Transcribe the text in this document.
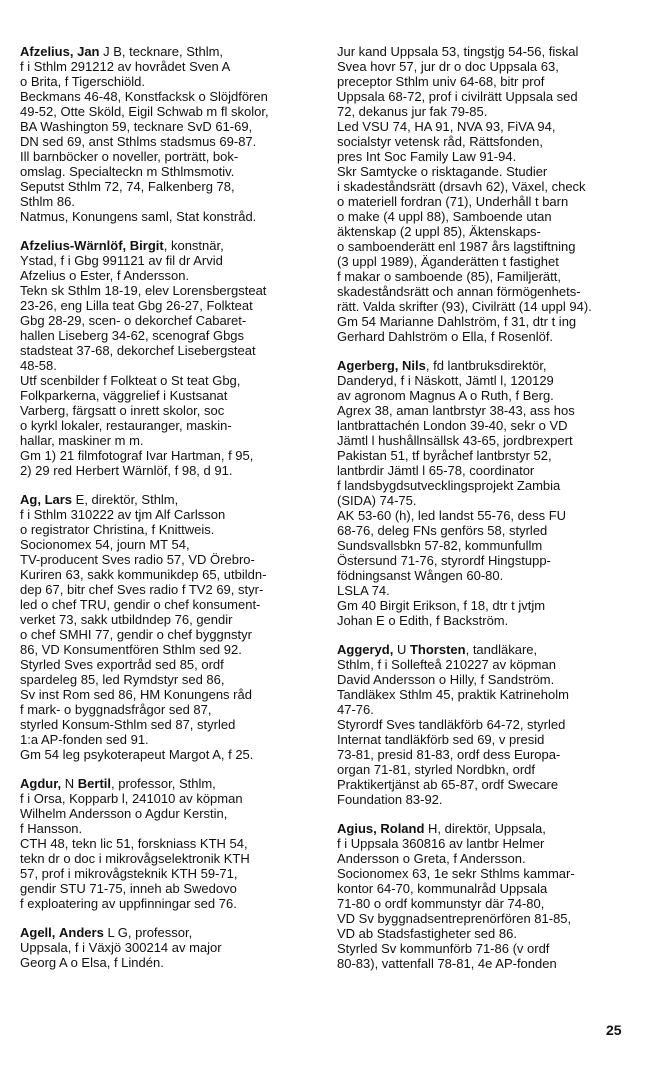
Afzelius, Jan J B, tecknare, Sthlm,
f i Sthlm 291212 av hovrådet Sven A
o Brita, f Tigerschiöld.
Beckmans 46-48, Konstfacksk o Slöjdfören
49-52, Otte Sköld, Eigil Schwab m fl skolor,
BA Washington 59, tecknare SvD 61-69,
DN sed 69, anst Sthlms stadsmus 69-87.
Ill barnböcker o noveller, porträtt, bok-
omslag. Specialteckn m Sthlmsmotiv.
Seputst Sthlm 72, 74, Falkenberg 78,
Sthlm 86.
Natmus, Konungens saml, Stat konstråd.
Afzelius-Wärnlöf, Birgit, konstnär,
Ystad, f i Gbg 991121 av fil dr Arvid
Afzelius o Ester, f Andersson.
Tekn sk Sthlm 18-19, elev Lorensbergsteat
23-26, eng Lilla teat Gbg 26-27, Folkteat
Gbg 28-29, scen- o dekorchef Cabaret-
hallen Liseberg 34-62, scenograf Gbgs
stadsteat 37-68, dekorchef Lisebergsteat
48-58.
Utf scenbilder f Folkteat o St teat Gbg,
Folkparkerna, väggrelief i Kustsanat
Varberg, färgsatt o inrett skolor, soc
o kyrkl lokaler, restauranger, maskin-
hallar, maskiner m m.
Gm 1) 21 filmfotograf Ivar Hartman, f 95,
2) 29 red Herbert Wärnlöf, f 98, d 91.
Ag, Lars E, direktör, Sthlm,
f i Sthlm 310222 av tjm Alf Carlsson
o registrator Christina, f Knittweis.
Socionomex 54, journ MT 54,
TV-producent Sves radio 57, VD Örebro-
Kuriren 63, sakk kommunikdep 65, utbildn-
dep 67, bitr chef Sves radio f TV2 69, styr-
led o chef TRU, gendir o chef konsument-
verket 73, sakk utbildndep 76, gendir
o chef SMHI 77, gendir o chef byggnstyr
86, VD Konsumentfören Sthlm sed 92.
Styrled Sves exportråd sed 85, ordf
spardeleg 85, led Rymdstyr sed 86,
Sv inst Rom sed 86, HM Konungens råd
f mark- o byggnadsfrågor sed 87,
styrled Konsum-Sthlm sed 87, styrled
1:a AP-fonden sed 91.
Gm 54 leg psykoterapeut Margot A, f 25.
Agdur, N Bertil, professor, Sthlm,
f i Orsa, Kopparb l, 241010 av köpman
Wilhelm Andersson o Agdur Kerstin,
f Hansson.
CTH 48, tekn lic 51, forskniass KTH 54,
tekn dr o doc i mikrovågselektronik KTH
57, prof i mikrovågsteknik KTH 59-71,
gendir STU 71-75, inneh ab Swedovo
f exploatering av uppfinningar sed 76.
Agell, Anders L G, professor,
Uppsala, f i Växjö 300214 av major
Georg A o Elsa, f Lindén.
Jur kand Uppsala 53, tingstjg 54-56, fiskal
Svea hovr 57, jur dr o doc Uppsala 63,
preceptor Sthlm univ 64-68, bitr prof
Uppsala 68-72, prof i civilrätt Uppsala sed
72, dekanus jur fak 79-85.
Led VSU 74, HA 91, NVA 93, FiVA 94,
socialstyr vetensk råd, Rättsfonden,
pres Int Soc Family Law 91-94.
Skr Samtycke o risktagande. Studier
i skadeståndsrätt (drsavh 62), Växel, check
o materiell fordran (71), Underhåll t barn
o make (4 uppl 88), Samboende utan
äktenskap (2 uppl 85), Äktenskaps-
o samboenderätt enl 1987 års lagstiftning
(3 uppl 1989), Äganderätten t fastighet
f makar o samboende (85), Familjerätt,
skadeståndsrätt och annan förmögenhets-
rätt. Valda skrifter (93), Civilrätt (14 uppl 94).
Gm 54 Marianne Dahlström, f 31, dtr t ing
Gerhard Dahlström o Ella, f Rosenlöf.
Agerberg, Nils, fd lantbruksdirektör,
Danderyd, f i Näskott, Jämtl l, 120129
av agronom Magnus A o Ruth, f Berg.
Agrex 38, aman lantbrstyr 38-43, ass hos
lantbrattachén London 39-40, sekr o VD
Jämtl l hushållnsällsk 43-65, jordbrexpert
Pakistan 51, tf byråchef lantbrstyr 52,
lantbrdir Jämtl l 65-78, coordinator
f landsbygdsutvecklingsprojekt Zambia
(SIDA) 74-75.
AK 53-60 (h), led landst 55-76, dess FU
68-76, deleg FNs genförs 58, styrled
Sundsvallsbkn 57-82, kommunfullm
Östersund 71-76, styrordf Hingstupp-
födningsanst Wången 60-80.
LSLA 74.
Gm 40 Birgit Erikson, f 18, dtr t jvtjm
Johan E o Edith, f Backström.
Aggeryd, U Thorsten, tandläkare,
Sthlm, f i Sollefteå 210227 av köpman
David Andersson o Hilly, f Sandström.
Tandläkex Sthlm 45, praktik Katrineholm
47-76.
Styrordf Sves tandläkförb 64-72, styrled
Internat tandläkförb sed 69, v presid
73-81, presid 81-83, ordf dess Europa-
organ 71-81, styrled Nordbkn, ordf
Praktikertjänst ab 65-87, ordf Swecare
Foundation 83-92.
Agius, Roland H, direktör, Uppsala,
f i Uppsala 360816 av lantbr Helmer
Andersson o Greta, f Andersson.
Socionomex 63, 1e sekr Sthlms kammar-
kontor 64-70, kommunalråd Uppsala
71-80 o ordf kommunstyr där 74-80,
VD Sv byggnadsentreprenörfören 81-85,
VD ab Stadsfastigheter sed 86.
Styrled Sv kommunförb 71-86 (v ordf
80-83), vattenfall 78-81, 4e AP-fonden
25
